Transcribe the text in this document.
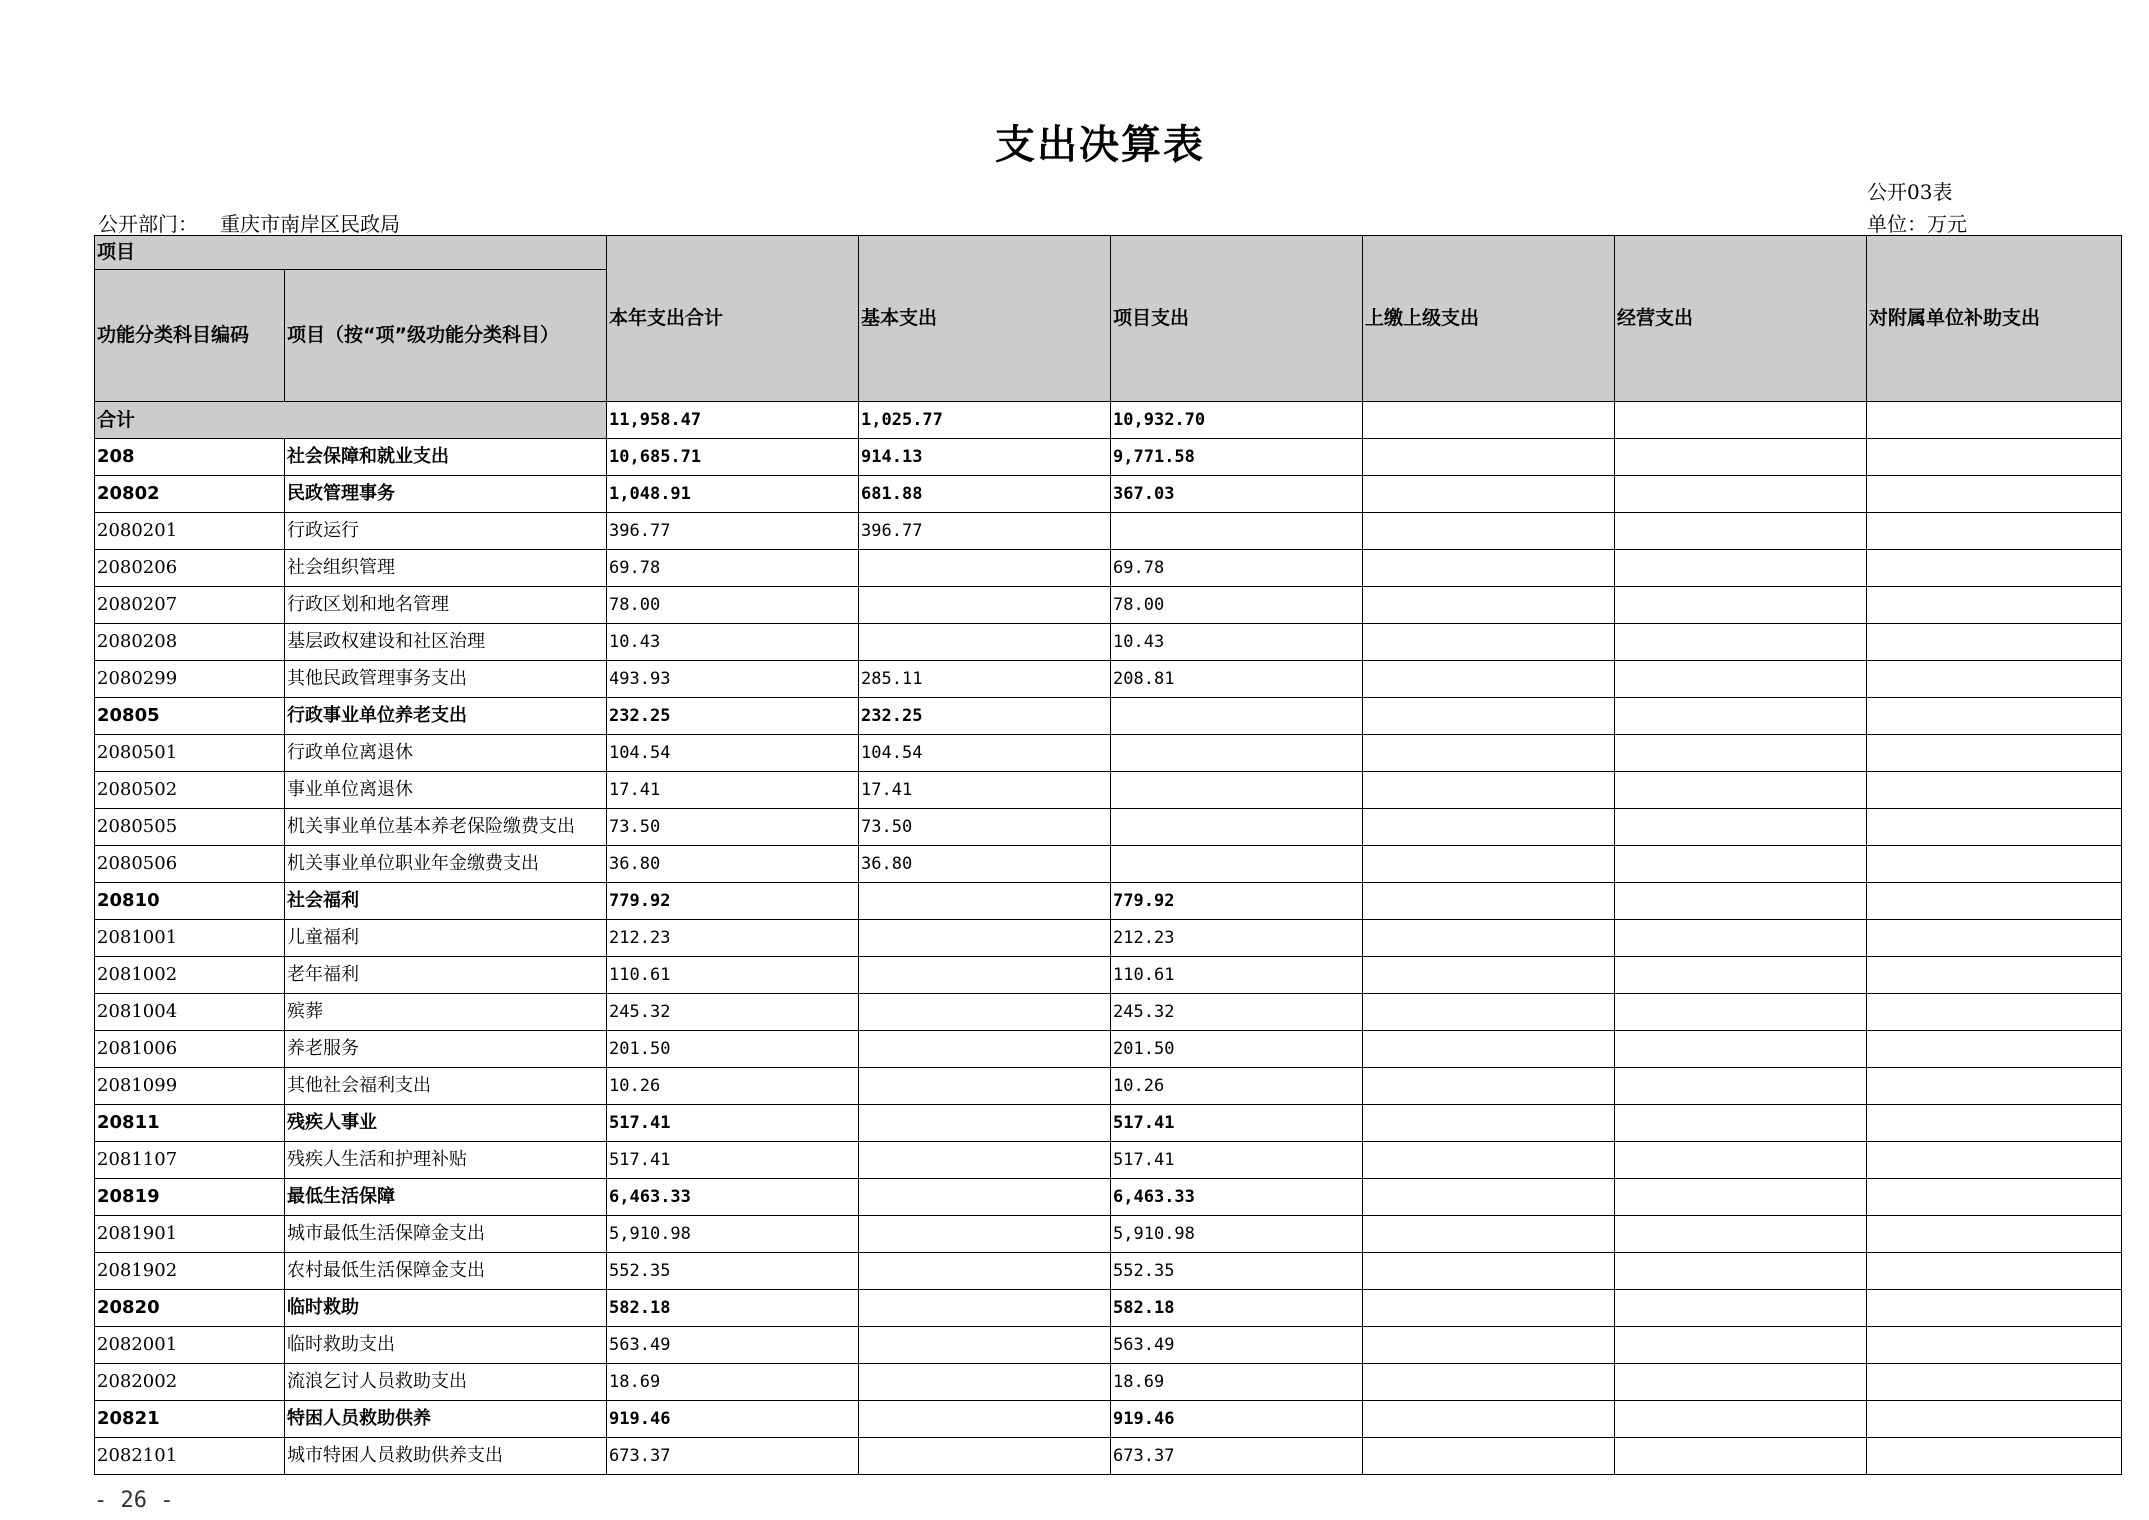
支出决算表
公开03表
公开部门： 重庆市南岸区民政局	单位：万元
项目		本年支出合计	基本支出	项目支出	上缴上级支出	经营支出	对附属单位补助支出
功能分类科目编码	项目（按“项”级功能分类科目）						
合计		11,958.47	1,025.77	10,932.70			
208	社会保障和就业支出	10,685.71	914.13	9,771.58			
20802	民政管理事务	1,048.91	681.88	367.03			
2080201	行政运行	396.77	396.77				
2080206	社会组织管理	69.78		69.78			
2080207	行政区划和地名管理	78.00		78.00			
2080208	基层政权建设和社区治理	10.43		10.43			
2080299	其他民政管理事务支出	493.93	285.11	208.81			
20805	行政事业单位养老支出	232.25	232.25				
2080501	行政单位离退休	104.54	104.54				
2080502	事业单位离退休	17.41	17.41				
2080505	机关事业单位基本养老保险缴费支出	73.50	73.50				
2080506	机关事业单位职业年金缴费支出	36.80	36.80				
20810	社会福利	779.92		779.92			
2081001	儿童福利	212.23		212.23			
2081002	老年福利	110.61		110.61			
2081004	殡葬	245.32		245.32			
2081006	养老服务	201.50		201.50			
2081099	其他社会福利支出	10.26		10.26			
20811	残疾人事业	517.41		517.41			
2081107	残疾人生活和护理补贴	517.41		517.41			
20819	最低生活保障	6,463.33		6,463.33			
2081901	城市最低生活保障金支出	5,910.98		5,910.98			
2081902	农村最低生活保障金支出	552.35		552.35			
20820	临时救助	582.18		582.18			
2082001	临时救助支出	563.49		563.49			
2082002	流浪乞讨人员救助支出	18.69		18.69			
20821	特困人员救助供养	919.46		919.46			
2082101	城市特困人员救助供养支出	673.37		673.37			
- 26 -
